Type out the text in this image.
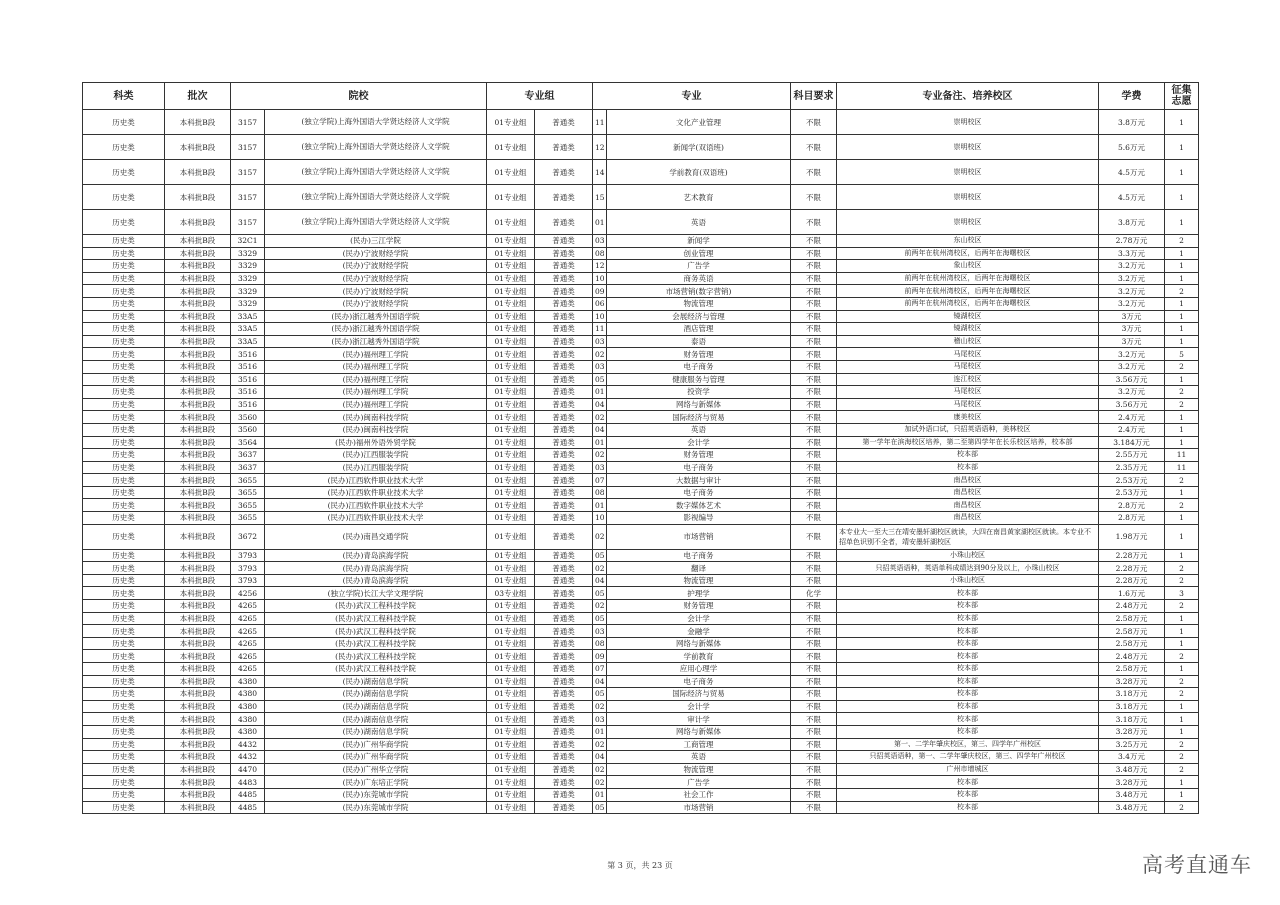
科类	批次	院校		专业组		专业		科目要求	专业备注、培养校区	学费	征集志愿
历史类	本科批B段	3157	(独立学院)上海外国语大学贤达经济人文学院	01专业组	普通类	11	文化产业管理	不限	崇明校区	3.8万元	1
历史类	本科批B段	3157	(独立学院)上海外国语大学贤达经济人文学院	01专业组	普通类	12	新闻学(双语班)	不限	崇明校区	5.6万元	1
历史类	本科批B段	3157	(独立学院)上海外国语大学贤达经济人文学院	01专业组	普通类	14	学前教育(双语班)	不限	崇明校区	4.5万元	1
历史类	本科批B段	3157	(独立学院)上海外国语大学贤达经济人文学院	01专业组	普通类	15	艺术教育	不限	崇明校区	4.5万元	1
历史类	本科批B段	3157	(独立学院)上海外国语大学贤达经济人文学院	01专业组	普通类	01	英语	不限	崇明校区	3.8万元	1
历史类	本科批B段	32C1	(民办)三江学院	01专业组	普通类	03	新闻学	不限	东山校区	2.78万元	2
历史类	本科批B段	3329	(民办)宁波财经学院	01专业组	普通类	08	创业管理	不限	前两年在杭州湾校区，后两年在海曙校区	3.3万元	1
历史类	本科批B段	3329	(民办)宁波财经学院	01专业组	普通类	12	广告学	不限	象山校区	3.2万元	1
历史类	本科批B段	3329	(民办)宁波财经学院	01专业组	普通类	10	商务英语	不限	前两年在杭州湾校区，后两年在海曙校区	3.2万元	1
历史类	本科批B段	3329	(民办)宁波财经学院	01专业组	普通类	09	市场营销(数字营销)	不限	前两年在杭州湾校区，后两年在海曙校区	3.2万元	2
历史类	本科批B段	3329	(民办)宁波财经学院	01专业组	普通类	06	物流管理	不限	前两年在杭州湾校区，后两年在海曙校区	3.2万元	1
历史类	本科批B段	33A5	(民办)浙江越秀外国语学院	01专业组	普通类	10	会展经济与管理	不限	镜湖校区	3万元	1
历史类	本科批B段	33A5	(民办)浙江越秀外国语学院	01专业组	普通类	11	酒店管理	不限	镜湖校区	3万元	1
历史类	本科批B段	33A5	(民办)浙江越秀外国语学院	01专业组	普通类	03	泰语	不限	稽山校区	3万元	1
历史类	本科批B段	3516	(民办)福州理工学院	01专业组	普通类	02	财务管理	不限	马尾校区	3.2万元	5
历史类	本科批B段	3516	(民办)福州理工学院	01专业组	普通类	03	电子商务	不限	马尾校区	3.2万元	2
历史类	本科批B段	3516	(民办)福州理工学院	01专业组	普通类	05	健康服务与管理	不限	连江校区	3.56万元	1
历史类	本科批B段	3516	(民办)福州理工学院	01专业组	普通类	01	投资学	不限	马尾校区	3.2万元	2
历史类	本科批B段	3516	(民办)福州理工学院	01专业组	普通类	04	网络与新媒体	不限	马尾校区	3.56万元	2
历史类	本科批B段	3560	(民办)闽南科技学院	01专业组	普通类	02	国际经济与贸易	不限	康美校区	2.4万元	1
历史类	本科批B段	3560	(民办)闽南科技学院	01专业组	普通类	04	英语	不限	加试外语口试，只招英语语种，美林校区	2.4万元	1
历史类	本科批B段	3564	(民办)福州外语外贸学院	01专业组	普通类	01	会计学	不限	第一学年在滨海校区培养，第二至第四学年在长乐校区培养，校本部	3.184万元	1
历史类	本科批B段	3637	(民办)江西服装学院	01专业组	普通类	02	财务管理	不限	校本部	2.55万元	11
历史类	本科批B段	3637	(民办)江西服装学院	01专业组	普通类	03	电子商务	不限	校本部	2.35万元	11
历史类	本科批B段	3655	(民办)江西软件职业技术大学	01专业组	普通类	07	大数据与审计	不限	南昌校区	2.53万元	2
历史类	本科批B段	3655	(民办)江西软件职业技术大学	01专业组	普通类	08	电子商务	不限	南昌校区	2.53万元	1
历史类	本科批B段	3655	(民办)江西软件职业技术大学	01专业组	普通类	01	数字媒体艺术	不限	南昌校区	2.8万元	2
历史类	本科批B段	3655	(民办)江西软件职业技术大学	01专业组	普通类	10	影视编导	不限	南昌校区	2.8万元	1
历史类	本科批B段	3672	(民办)南昌交通学院	01专业组	普通类	02	市场营销	不限	本专业大一至大三在靖安墨轩湖校区就读，大四在南昌黄家湖校区就读。本专业不招单色识别不全者，靖安墨轩湖校区	1.98万元	1
历史类	本科批B段	3793	(民办)青岛滨海学院	01专业组	普通类	05	电子商务	不限	小珠山校区	2.28万元	1
历史类	本科批B段	3793	(民办)青岛滨海学院	01专业组	普通类	02	翻译	不限	只招英语语种，英语单科成绩达到90分及以上，小珠山校区	2.28万元	2
历史类	本科批B段	3793	(民办)青岛滨海学院	01专业组	普通类	04	物流管理	不限	小珠山校区	2.28万元	2
历史类	本科批B段	4256	(独立学院)长江大学文理学院	03专业组	普通类	05	护理学	化学	校本部	1.6万元	3
历史类	本科批B段	4265	(民办)武汉工程科技学院	01专业组	普通类	02	财务管理	不限	校本部	2.48万元	2
历史类	本科批B段	4265	(民办)武汉工程科技学院	01专业组	普通类	05	会计学	不限	校本部	2.58万元	1
历史类	本科批B段	4265	(民办)武汉工程科技学院	01专业组	普通类	03	金融学	不限	校本部	2.58万元	1
历史类	本科批B段	4265	(民办)武汉工程科技学院	01专业组	普通类	08	网络与新媒体	不限	校本部	2.58万元	1
历史类	本科批B段	4265	(民办)武汉工程科技学院	01专业组	普通类	09	学前教育	不限	校本部	2.48万元	2
历史类	本科批B段	4265	(民办)武汉工程科技学院	01专业组	普通类	07	应用心理学	不限	校本部	2.58万元	1
历史类	本科批B段	4380	(民办)湖南信息学院	01专业组	普通类	04	电子商务	不限	校本部	3.28万元	2
历史类	本科批B段	4380	(民办)湖南信息学院	01专业组	普通类	05	国际经济与贸易	不限	校本部	3.18万元	2
历史类	本科批B段	4380	(民办)湖南信息学院	01专业组	普通类	02	会计学	不限	校本部	3.18万元	1
历史类	本科批B段	4380	(民办)湖南信息学院	01专业组	普通类	03	审计学	不限	校本部	3.18万元	1
历史类	本科批B段	4380	(民办)湖南信息学院	01专业组	普通类	01	网络与新媒体	不限	校本部	3.28万元	1
历史类	本科批B段	4432	(民办)广州华商学院	01专业组	普通类	02	工商管理	不限	第一、二学年肇庆校区，第三、四学年广州校区	3.25万元	2
历史类	本科批B段	4432	(民办)广州华商学院	01专业组	普通类	04	英语	不限	只招英语语种，第一、二学年肇庆校区，第三、四学年广州校区	3.4万元	2
历史类	本科批B段	4470	(民办)广州华立学院	01专业组	普通类	02	物流管理	不限	广州市增城区	3.48万元	2
历史类	本科批B段	4483	(民办)广东培正学院	01专业组	普通类	02	广告学	不限	校本部	3.28万元	1
历史类	本科批B段	4485	(民办)东莞城市学院	01专业组	普通类	01	社会工作	不限	校本部	3.48万元	1
历史类	本科批B段	4485	(民办)东莞城市学院	01专业组	普通类	05	市场营销	不限	校本部	3.48万元	2
第 3 页，共 23 页	高考直通车
